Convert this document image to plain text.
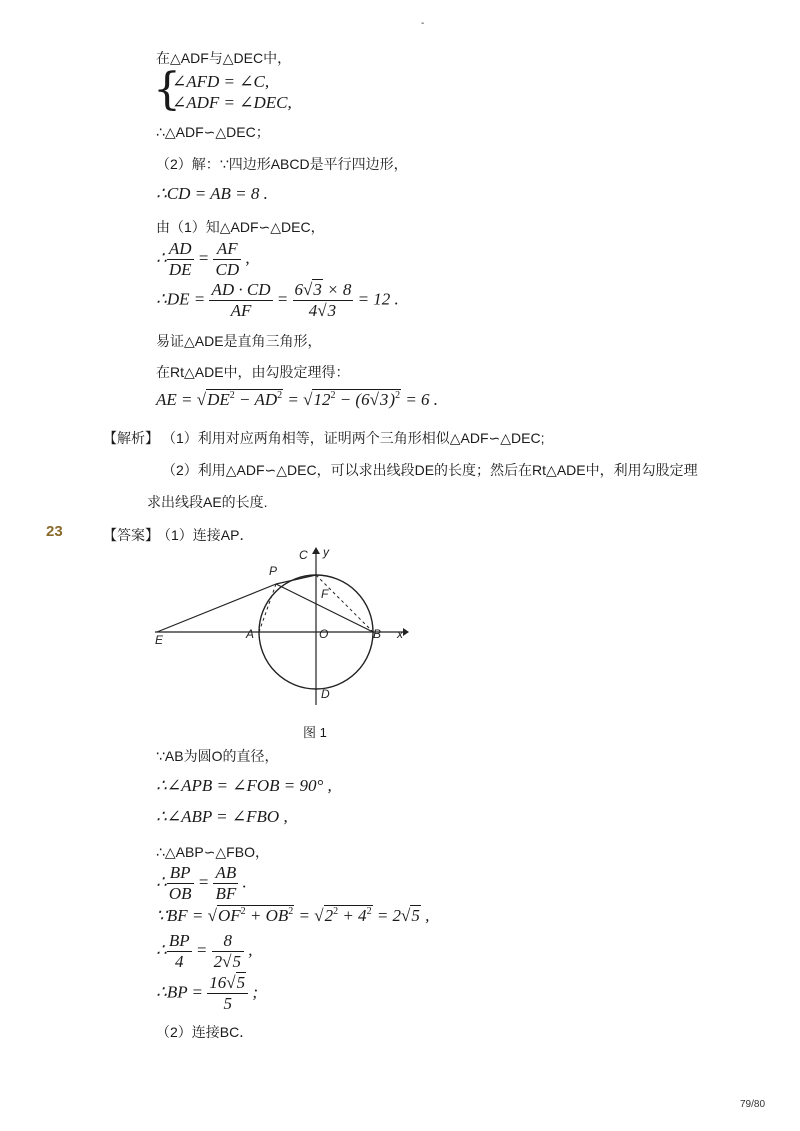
-
在△ADF与△DEC中，
{
∠AFD = ∠C,
∠ADF = ∠DEC,
∴△ADF∽△DEC；
（2）解：∵四边形ABCD是平行四边形，
∴CD = AB = 8 .
由（1）知△ADF∽△DEC，
∴ $\frac{AD}{DE} = \frac{AF}{CD}$ ,
∴DE = $\frac{AD \cdot CD}{AF} = \frac{6√3 \times 8}{4√3} = 12$ .
易证△ADE是直角三角形，
在Rt△ADE中，由勾股定理得：
AE = $√DE^2 - AD^2 = √12^2 - (6√3)^2 = 6$ .
【解析】 （1）利用对应两角相等，证明两个三角形相似△ADF∽△DEC;
（2）利用△ADF∽△DEC，可以求出线段DE的长度；然后在Rt△ADE中，利用勾股定理
求出线段AE的长度.
23	【答案】
（1）连接AP．
C y
P
F
E	A	O	B x
D
图 1
∵AB为圆O的直径，
∴∠APB = ∠FOB = 90° ,
∴∠ABP = ∠FBO ,
∴△ABP∽△FBO，
∴ $\frac{BP}{OB} = \frac{AB}{BF}$ .
∵BF = $√OF^2 + OB^2 = √2^2 + 4^2 = 2√5$ ,
∴ $\frac{BP}{4} = \frac{8}{2√5}$ ,
∴BP = $\frac{16√5}{5}$ ;
（2）连接BC．
79/80
